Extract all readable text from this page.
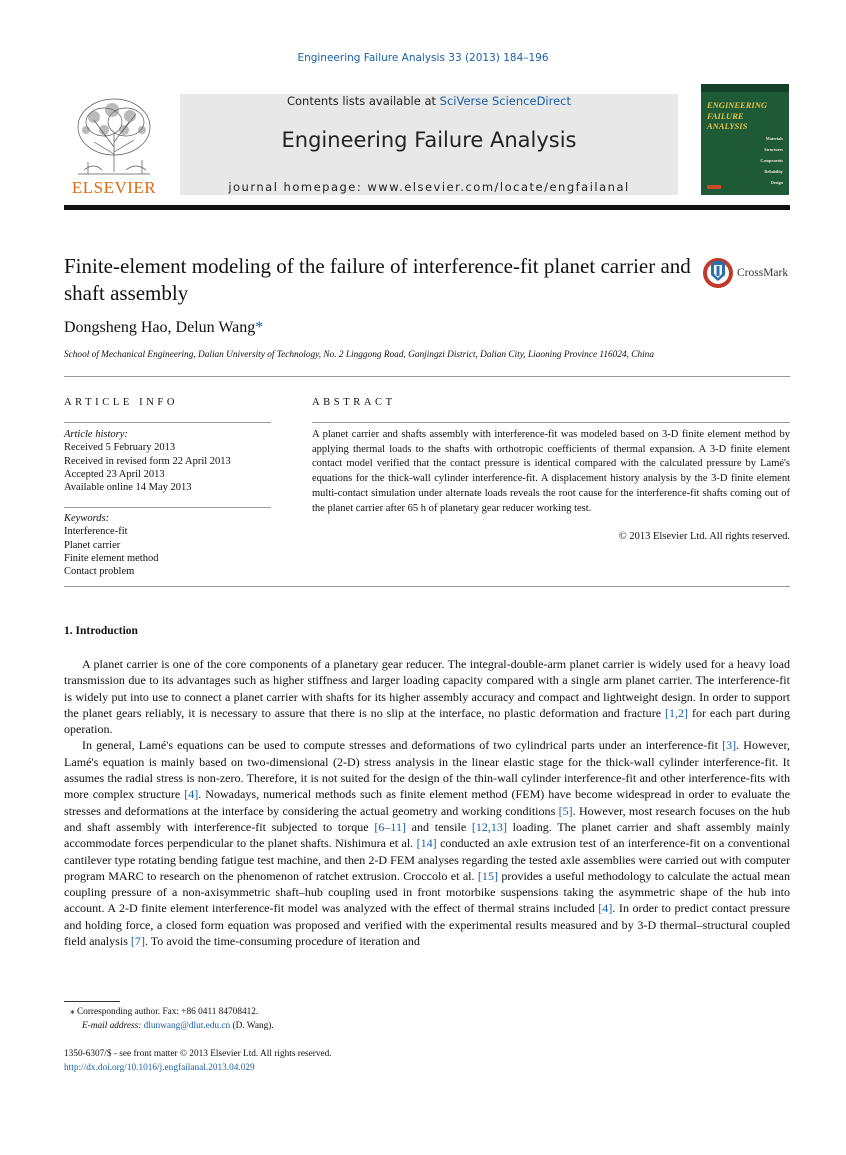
Engineering Failure Analysis 33 (2013) 184–196
ELSEVIER
Contents lists available at SciVerse ScienceDirect
Engineering Failure Analysis
journal homepage: www.elsevier.com/locate/engfailanal
ENGINEERING
FAILURE
ANALYSIS
Materials
Structures
Components
Reliability
Design
Finite-element modeling of the failure of interference-fit planet carrier and shaft assembly
CrossMark
Dongsheng Hao, Delun Wang*
School of Mechanical Engineering, Dalian University of Technology, No. 2 Linggong Road, Ganjingzi District, Dalian City, Liaoning Province 116024, China
ARTICLE INFO	ABSTRACT
Article history:
Received 5 February 2013
Received in revised form 22 April 2013
Accepted 23 April 2013
Available online 14 May 2013
Keywords:
Interference-fit
Planet carrier
Finite element method
Contact problem
A planet carrier and shafts assembly with interference-fit was modeled based on 3-D finite element method by applying thermal loads to the shafts with orthotropic coefficients of thermal expansion. A 3-D finite element contact model verified that the contact pressure is identical compared with the calculated pressure by Lamé's equations for the thick-wall cylinder interference-fit. A displacement history analysis by the 3-D finite element multi-contact simulation under alternate loads reveals the root cause for the interference-fit shafts coming out of the planet carrier after 65 h of planetary gear reducer working test.
© 2013 Elsevier Ltd. All rights reserved.
1. Introduction

A planet carrier is one of the core components of a planetary gear reducer. The integral-double-arm planet carrier is widely used for a heavy load transmission due to its advantages such as higher stiffness and larger loading capacity compared with a single arm planet carrier. The interference-fit is widely put into use to connect a planet carrier with shafts for its higher assembly accuracy and compact and lightweight design. In order to support the planet gears reliably, it is necessary to assure that there is no slip at the interface, no plastic deformation and fracture [1,2] for each part during operation.

In general, Lamé's equations can be used to compute stresses and deformations of two cylindrical parts under an interference-fit [3]. However, Lamé's equation is mainly based on two-dimensional (2-D) stress analysis in the linear elastic stage for the thick-wall cylinder interference-fit. It assumes the radial stress is non-zero. Therefore, it is not suited for the design of the thin-wall cylinder interference-fit and other interference-fits with more complex structure [4]. Nowadays, numerical methods such as finite element method (FEM) have become widespread in order to evaluate the stresses and deformations at the interface by considering the actual geometry and working conditions [5]. However, most research focuses on the hub and shaft assembly with interference-fit subjected to torque [6–11] and tensile [12,13] loading. The planet carrier and shaft assembly mainly accommodate forces perpendicular to the planet shafts. Nishimura et al. [14] conducted an axle extrusion test of an interference-fit on a conventional cantilever type rotating bending fatigue test machine, and then 2-D FEM analyses regarding the tested axle assemblies were carried out with computer program MARC to research on the phenomenon of ratchet extrusion. Croccolo et al. [15] provides a useful methodology to calculate the actual mean coupling pressure of a non-axisymmetric shaft–hub coupling used in front motorbike suspensions taking the asymmetric shape of the hub into account. A 2-D finite element interference-fit model was analyzed with the effect of thermal strains included [4]. In order to predict contact pressure and holding force, a closed form equation was proposed and verified with the experimental results measured and by 3-D thermal–structural coupled field analysis [7]. To avoid the time-consuming procedure of iteration and

⁎ Corresponding author. Fax: +86 0411 84708412.
E-mail address: dlunwang@dlut.edu.cn (D. Wang).
1350-6307/$ - see front matter © 2013 Elsevier Ltd. All rights reserved.
http://dx.doi.org/10.1016/j.engfailanal.2013.04.029
